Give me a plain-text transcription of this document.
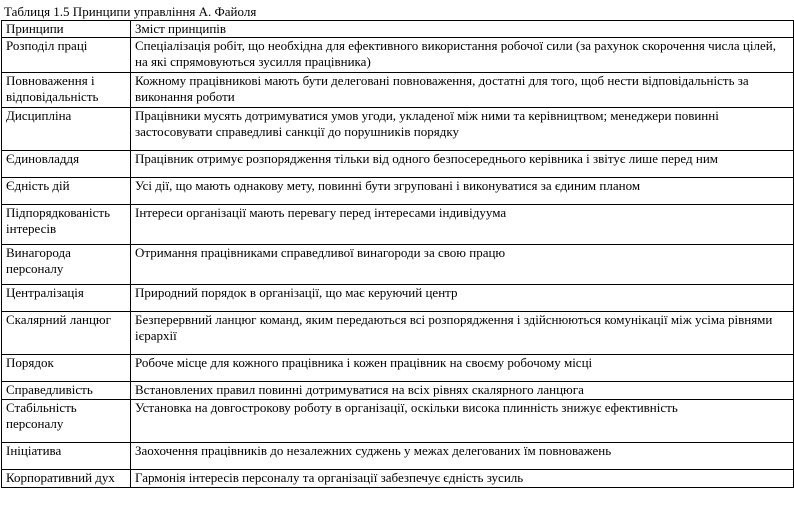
Таблиця 1.5 Принципи управління А. Файоля
Принципи	Зміст принципів
Розподіл праці	Спеціалізація робіт, що необхідна для ефективного використання робочої сили (за рахунок скорочення числа цілей, на які спрямовуються зусилля працівника)
Повноваження і відповідальність	Кожному працівникові мають бути делеговані повноваження, достатні для того, щоб нести відповідальність за виконання роботи
Дисципліна	Працівники мусять дотримуватися умов угоди, укладеної між ними та керівництвом; менеджери повинні застосовувати справедливі санкції до порушників порядку
Єдиновладдя	Працівник отримує розпорядження тільки від одного безпосереднього керівника і звітує лише перед ним
Єдність дій	Усі дії, що мають однакову мету, повинні бути згруповані і виконуватися за єдиним планом
Підпорядкованість інтересів	Інтереси організації мають перевагу перед інтересами індивідуума
Винагорода персоналу	Отримання працівниками справедливої винагороди за свою працю
Централізація	Природний порядок в організації, що має керуючий центр
Скалярний ланцюг	Безперервний ланцюг команд, яким передаються всі розпорядження і здійснюються комунікації між усіма рівнями ієрархії
Порядок	Робоче місце для кожного працівника і кожен працівник на своєму робочому місці
Справедливість	Встановлених правил повинні дотримуватися на всіх рівнях скалярного ланцюга
Стабільність персоналу	Установка на довгострокову роботу в організації, оскільки висока плинність знижує ефективність
Ініціатива	Заохочення працівників до незалежних суджень у межах делегованих їм повноважень
Корпоративний дух	Гармонія інтересів персоналу та організації забезпечує єдність зусиль
